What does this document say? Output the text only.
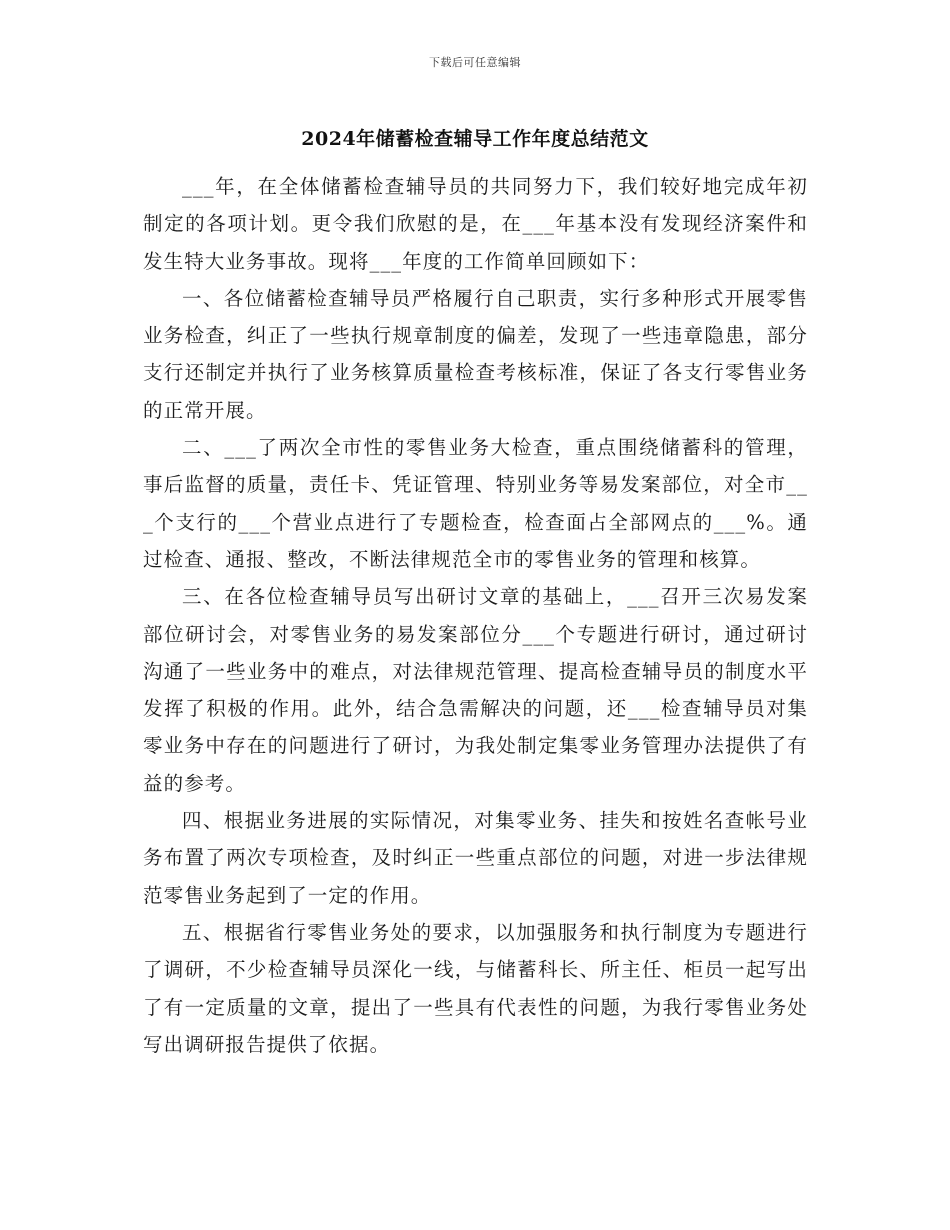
下载后可任意编辑
2024年储蓄检查辅导工作年度总结范文

___年，在全体储蓄检查辅导员的共同努力下，我们较好地完成年初制定的各项计划。更令我们欣慰的是，在___年基本没有发现经济案件和发生特大业务事故。现将___年度的工作简单回顾如下：

一、各位储蓄检查辅导员严格履行自己职责，实行多种形式开展零售业务检查，纠正了一些执行规章制度的偏差，发现了一些违章隐患，部分支行还制定并执行了业务核算质量检查考核标准，保证了各支行零售业务的正常开展。

二、___了两次全市性的零售业务大检查，重点围绕储蓄科的管理，事后监督的质量，责任卡、凭证管理、特别业务等易发案部位，对全市___个支行的___个营业点进行了专题检查，检查面占全部网点的___%。通过检查、通报、整改，不断法律规范全市的零售业务的管理和核算。

三、在各位检查辅导员写出研讨文章的基础上，___召开三次易发案部位研讨会，对零售业务的易发案部位分___个专题进行研讨，通过研讨沟通了一些业务中的难点，对法律规范管理、提高检查辅导员的制度水平发挥了积极的作用。此外，结合急需解决的问题，还___检查辅导员对集零业务中存在的问题进行了研讨，为我处制定集零业务管理办法提供了有益的参考。

四、根据业务进展的实际情况，对集零业务、挂失和按姓名查帐号业务布置了两次专项检查，及时纠正一些重点部位的问题，对进一步法律规范零售业务起到了一定的作用。

五、根据省行零售业务处的要求，以加强服务和执行制度为专题进行了调研，不少检查辅导员深化一线，与储蓄科长、所主任、柜员一起写出了有一定质量的文章，提出了一些具有代表性的问题，为我行零售业务处写出调研报告提供了依据。
